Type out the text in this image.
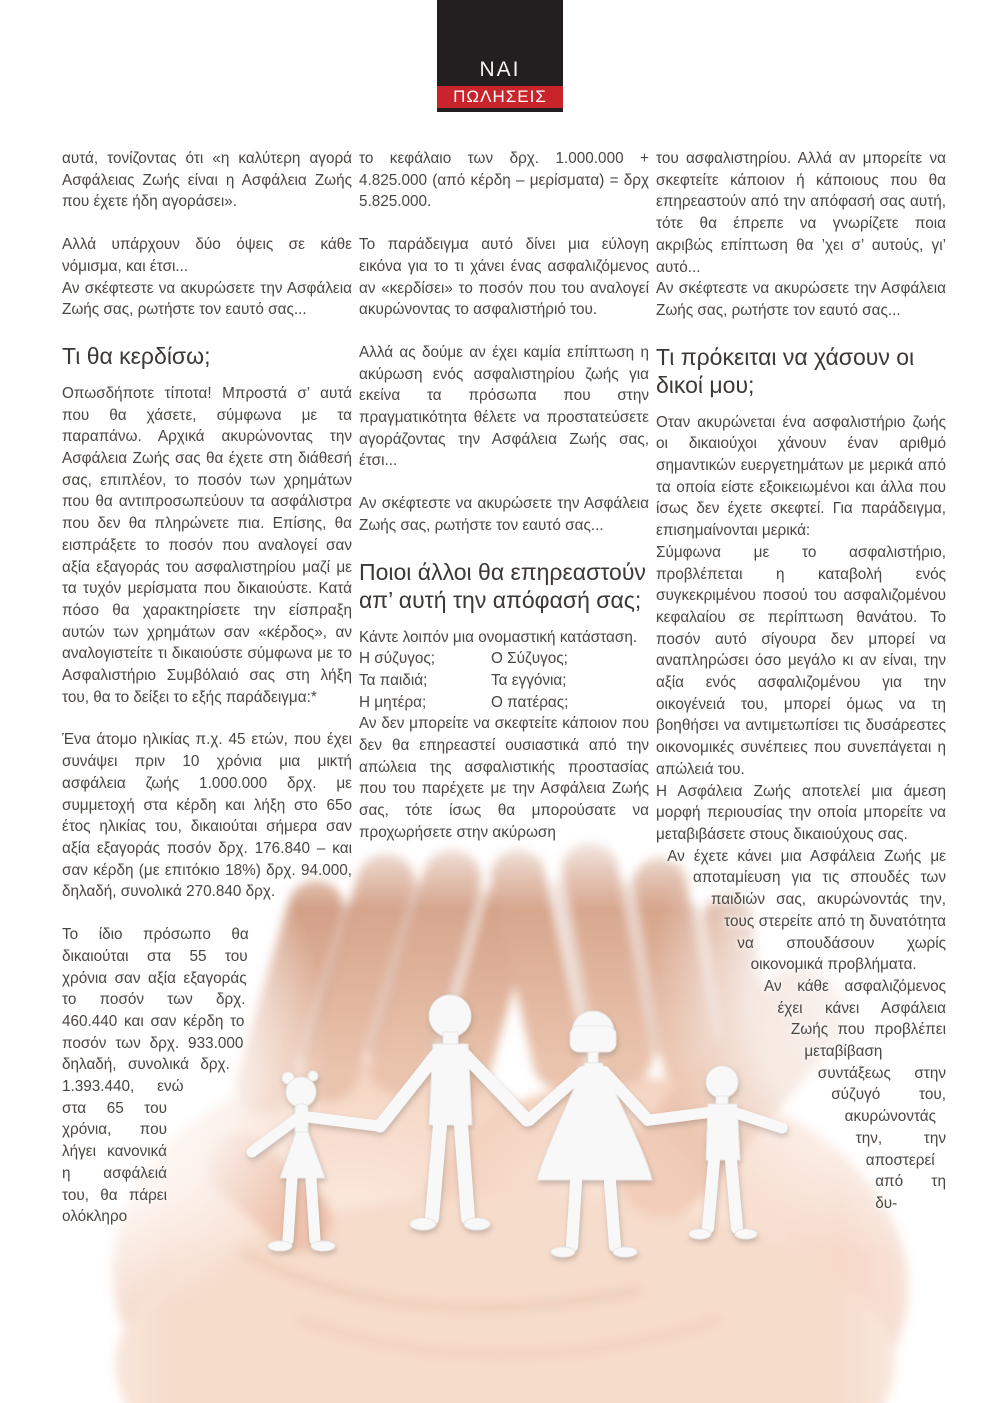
ΝΑΙ
ΠΩΛΗΣΕΙΣ

αυτά, τονίζοντας ότι «η καλύτερη αγορά Ασφάλειας Ζωής είναι η Ασφάλεια Ζωής που έχετε ήδη αγοράσει».

Αλλά υπάρχουν δύο όψεις σε κάθε νόμισμα, και έτσι...

Αν σκέφτεστε να ακυρώσετε την Ασφάλεια Ζωής σας, ρωτήστε τον εαυτό σας...

Τι θα κερδίσω;

Οπωσδήποτε τίποτα! Μπροστά σ’ αυτά που θα χάσετε, σύμφωνα με τα παραπάνω. Αρχικά ακυρώνοντας την Ασφάλεια Ζωής σας θα έχετε στη διάθεσή σας, επιπλέον, το ποσόν των χρημάτων που θα αντιπροσωπεύουν τα ασφάλιστρα που δεν θα πληρώνετε πια. Επίσης, θα εισπράξετε το ποσόν που αναλογεί σαν αξία εξαγοράς του ασφαλιστηρίου μαζί με τα τυχόν μερίσματα που δικαιούστε. Κατά πόσο θα χαρακτηρίσετε την είσπραξη αυτών των χρημάτων σαν «κέρδος», αν αναλογιστείτε τι δικαιούστε σύμφωνα με το Ασφαλιστήριο Συμβόλαιό σας στη λήξη του, θα το δείξει το εξής παράδειγμα:*

Ένα άτομο ηλικίας π.χ. 45 ετών, που έχει συνάψει πριν 10 χρόνια μια μικτή ασφάλεια ζωής 1.000.000 δρχ. με συμμετοχή στα κέρδη και λήξη στο 65ο έτος ηλικίας του, δικαιούται σήμερα σαν αξία εξαγοράς ποσόν δρχ. 176.840 – και σαν κέρδη (με επιτόκιο 18%) δρχ. 94.000, δηλαδή, συνολικά 270.840 δρχ.

Το ίδιο πρόσωπο θα δικαιούται στα 55 του χρόνια σαν αξία εξαγοράς το ποσόν των δρχ. 460.440 και σαν κέρδη το ποσόν των δρχ. 933.000 δηλαδή, συνολικά δρχ. 1.393.440, ενώ στα 65 του χρόνια, που λήγει κανονικά η ασφάλειά του, θα πάρει ολόκληρο

το κεφάλαιο των δρχ. 1.000.000 + 4.825.000 (από κέρδη – μερίσματα) = δρχ 5.825.000.

Το παράδειγμα αυτό δίνει μια εύλογη εικόνα για το τι χάνει ένας ασφαλιζόμενος αν «κερδίσει» το ποσόν που του αναλογεί ακυρώνοντας το ασφαλιστήριό του.

Αλλά ας δούμε αν έχει καμία επίπτωση η ακύρωση ενός ασφαλιστηρίου ζωής για εκείνα τα πρόσωπα που στην πραγματικότητα θέλετε να προστατεύσετε αγοράζοντας την Ασφάλεια Ζωής σας, έτσι...

Αν σκέφτεστε να ακυρώσετε την Ασφάλεια Ζωής σας, ρωτήστε τον εαυτό σας...

Ποιοι άλλοι θα επηρεαστούν απ’ αυτή την απόφασή σας;

Κάντε λοιπόν μια ονομαστική κατάσταση.

Η σύζυγος;	Ο Σύζυγος;
Τα παιδιά;	Τα εγγόνια;
Η μητέρα;	Ο πατέρας;

Αν δεν μπορείτε να σκεφτείτε κάποιον που δεν θα επηρεαστεί ουσιαστικά από την απώλεια της ασφαλιστικής προστασίας που του παρέχετε με την Ασφάλεια Ζωής σας, τότε ίσως θα μπορούσατε να προχωρήσετε στην ακύρωση

του ασφαλιστηρίου. Αλλά αν μπορείτε να σκεφτείτε κάποιον ή κάποιους που θα επηρεαστούν από την απόφασή σας αυτή, τότε θα έπρεπε να γνωρίζετε ποια ακριβώς επίπτωση θα ’χει σ’ αυτούς, γι’ αυτό...

Αν σκέφτεστε να ακυρώσετε την Ασφάλεια Ζωής σας, ρωτήστε τον εαυτό σας...

Τι πρόκειται να χάσουν οι δικοί μου;

Οταν ακυρώνεται ένα ασφαλιστήριο ζωής οι δικαιούχοι χάνουν έναν αριθμό σημαντικών ευεργετημάτων με μερικά από τα οποία είστε εξοικειωμένοι και άλλα που ίσως δεν έχετε σκεφτεί. Για παράδειγμα, επισημαίνονται μερικά:

Σύμφωνα με το ασφαλιστήριο, προβλέπεται η καταβολή ενός συγκεκριμένου ποσού του ασφαλιζομένου κεφαλαίου σε περίπτωση θανάτου. Το ποσόν αυτό σίγουρα δεν μπορεί να αναπληρώσει όσο μεγάλο κι αν είναι, την αξία ενός ασφαλιζομένου για την οικογένειά του, μπορεί όμως να τη βοηθήσει να αντιμετωπίσει τις δυσάρεστες οικονομικές συνέπειες που συνεπάγεται η απώλειά του.

Η Ασφάλεια Ζωής αποτελεί μια άμεση μορφή περιουσίας την οποία μπορείτε να μεταβιβάσετε στους δικαιούχους σας.

Αν έχετε κάνει μια Ασφάλεια Ζωής με αποταμίευση για τις σπουδές των παιδιών σας, ακυρώνοντάς την, τους στερείτε από τη δυνατότητα να σπουδάσουν χωρίς οικονομικά προβλήματα.

Αν κάθε ασφαλιζόμενος έχει κάνει Ασφάλεια Ζωής που προβλέπει μεταβίβαση συντάξεως στην σύζυγό του, ακυρώνοντάς την, την αποστερεί από τη δυ-
